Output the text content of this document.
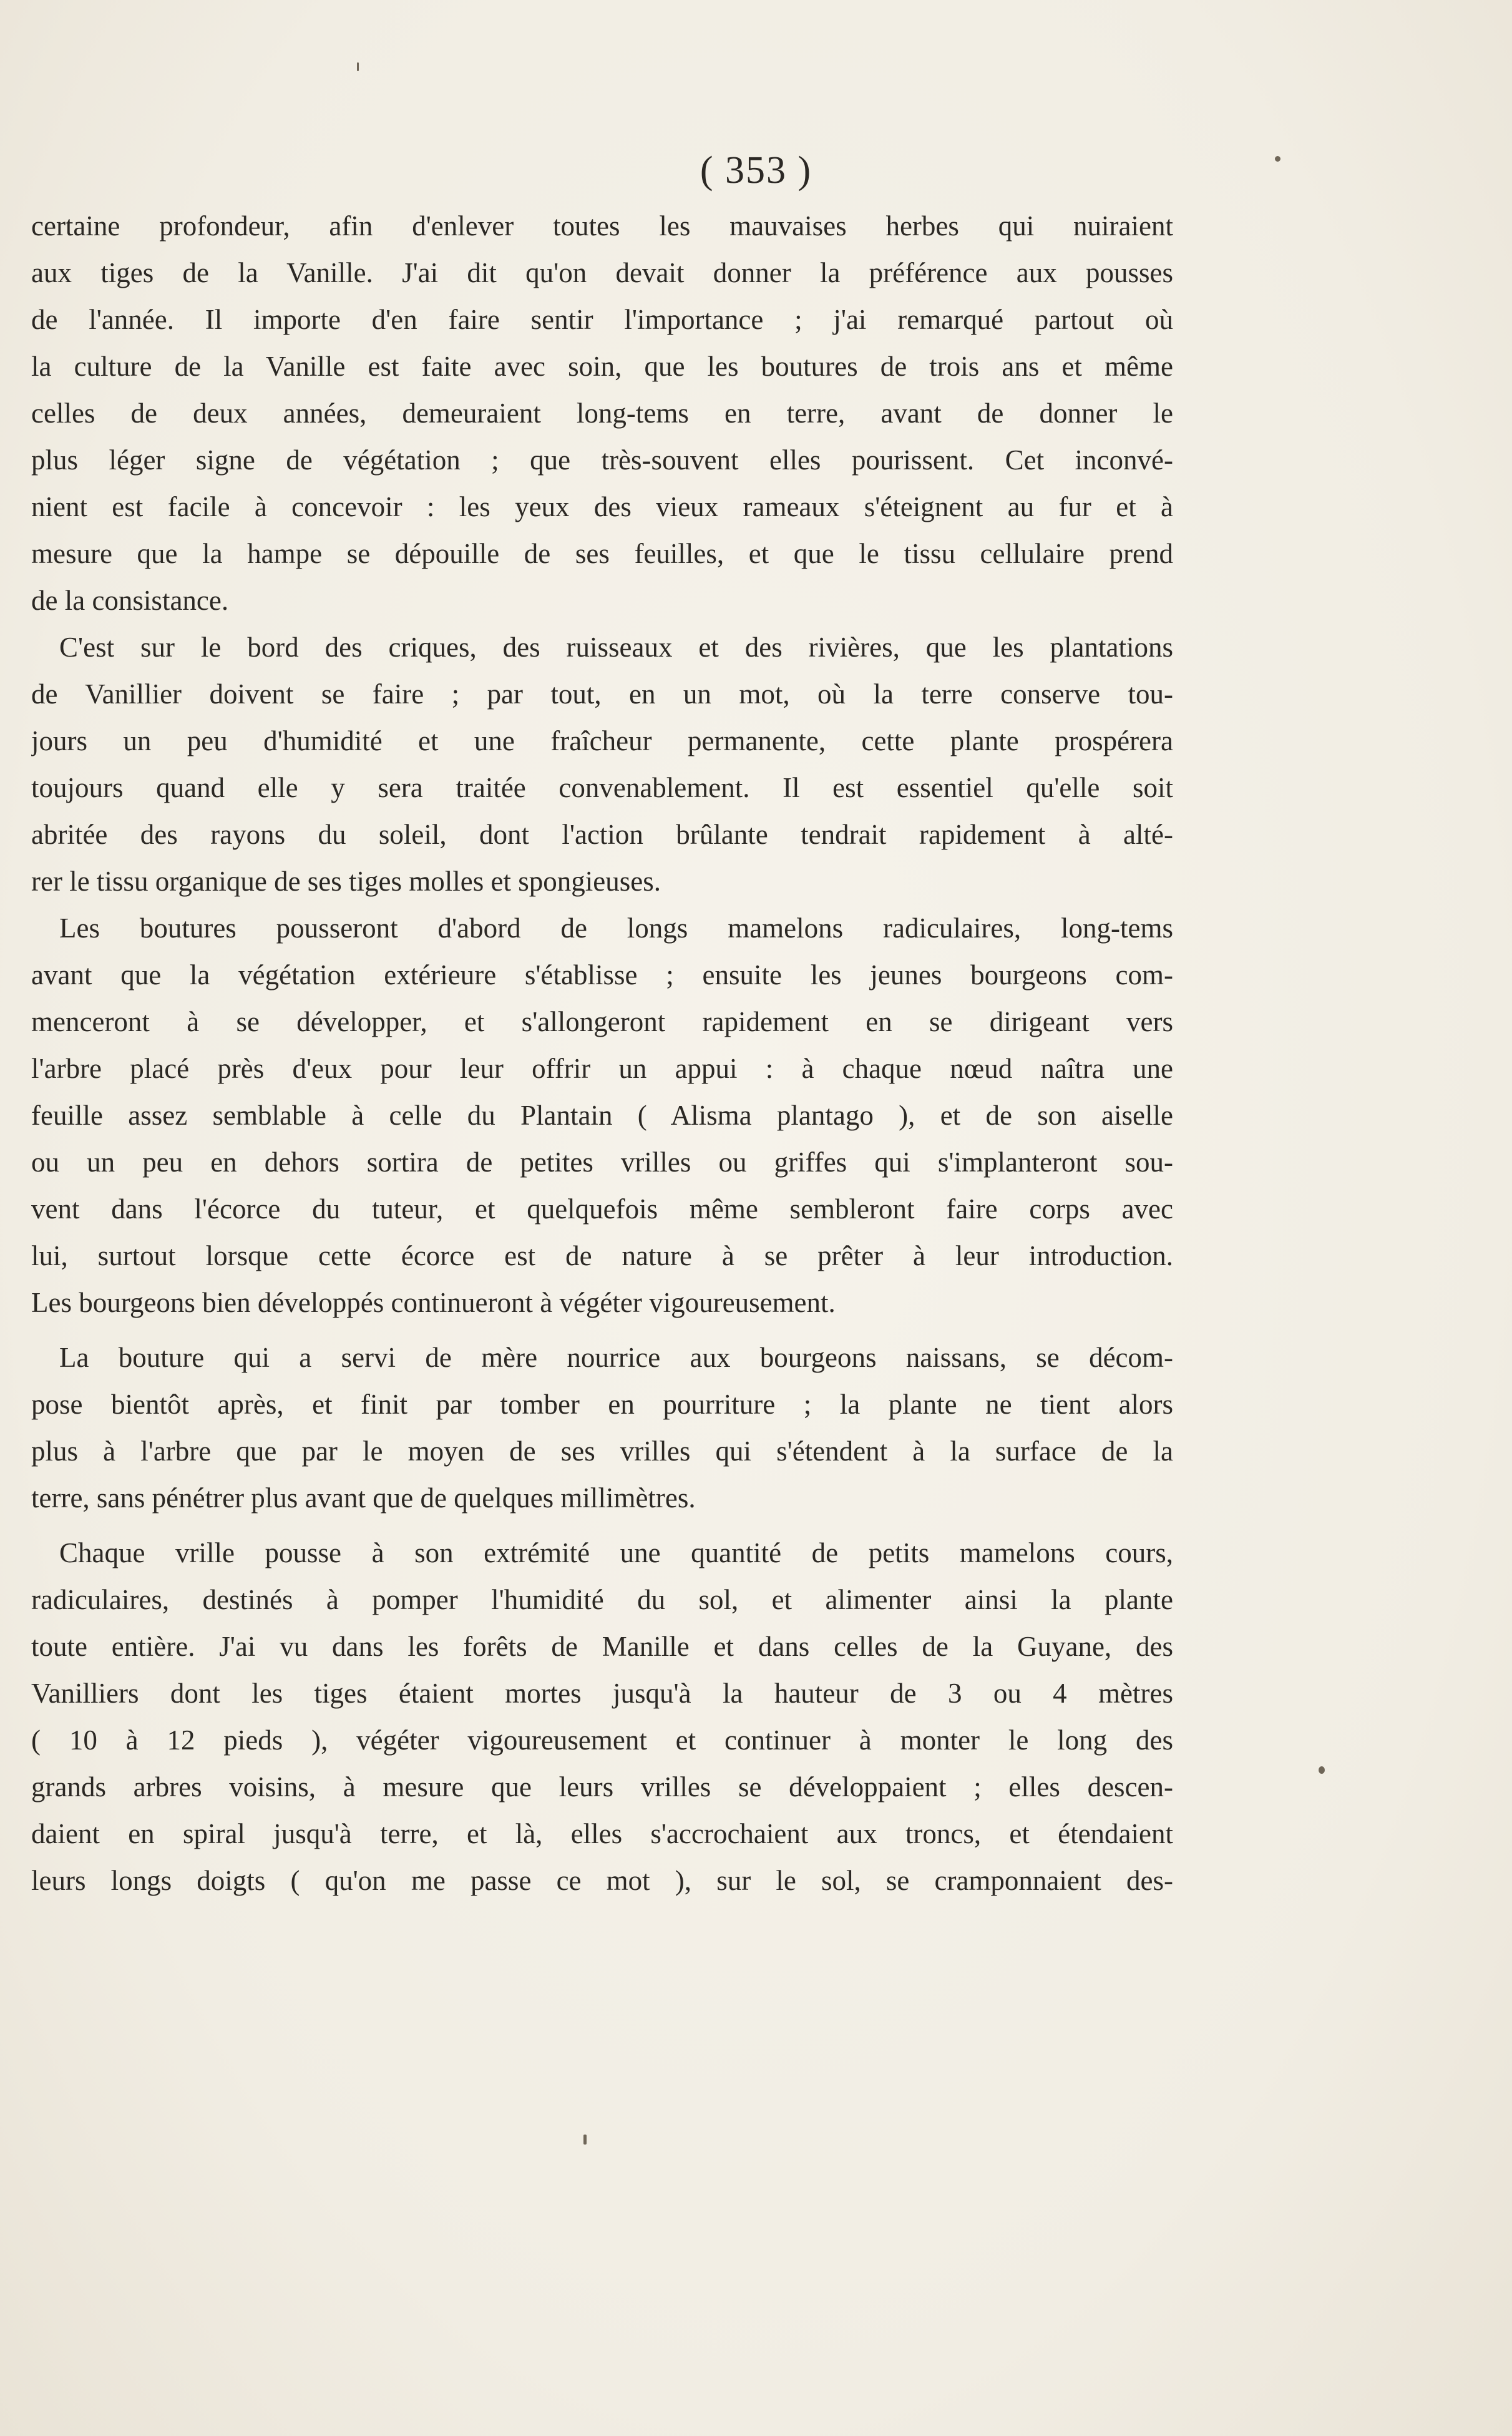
( 353 )
certaine profondeur, afin d'enlever toutes les mauvaises herbes qui nuiraient
aux tiges de la Vanille. J'ai dit qu'on devait donner la préférence aux pousses
de l'année. Il importe d'en faire sentir l'importance ; j'ai remarqué partout où
la culture de la Vanille est faite avec soin, que les boutures de trois ans et même
celles de deux années, demeuraient long-tems en terre, avant de donner le
plus léger signe de végétation ; que très-souvent elles pourissent. Cet inconvé-
nient est facile à concevoir : les yeux des vieux rameaux s'éteignent au fur et à
mesure que la hampe se dépouille de ses feuilles, et que le tissu cellulaire prend
de la consistance.
C'est sur le bord des criques, des ruisseaux et des rivières, que les plantations
de Vanillier doivent se faire ; par tout, en un mot, où la terre conserve tou-
jours un peu d'humidité et une fraîcheur permanente, cette plante prospérera
toujours quand elle y sera traitée convenablement. Il est essentiel qu'elle soit
abritée des rayons du soleil, dont l'action brûlante tendrait rapidement à alté-
rer le tissu organique de ses tiges molles et spongieuses.
Les boutures pousseront d'abord de longs mamelons radiculaires, long-tems
avant que la végétation extérieure s'établisse ; ensuite les jeunes bourgeons com-
menceront à se développer, et s'allongeront rapidement en se dirigeant vers
l'arbre placé près d'eux pour leur offrir un appui : à chaque nœud naîtra une
feuille assez semblable à celle du Plantain ( Alisma plantago ), et de son aiselle
ou un peu en dehors sortira de petites vrilles ou griffes qui s'implanteront sou-
vent dans l'écorce du tuteur, et quelquefois même sembleront faire corps avec
lui, surtout lorsque cette écorce est de nature à se prêter à leur introduction.
Les bourgeons bien développés continueront à végéter vigoureusement.
La bouture qui a servi de mère nourrice aux bourgeons naissans, se décom-
pose bientôt après, et finit par tomber en pourriture ; la plante ne tient alors
plus à l'arbre que par le moyen de ses vrilles qui s'étendent à la surface de la
terre, sans pénétrer plus avant que de quelques millimètres.
Chaque vrille pousse à son extrémité une quantité de petits mamelons cours,
radiculaires, destinés à pomper l'humidité du sol, et alimenter ainsi la plante
toute entière. J'ai vu dans les forêts de Manille et dans celles de la Guyane, des
Vanilliers dont les tiges étaient mortes jusqu'à la hauteur de 3 ou 4 mètres
( 10 à 12 pieds ), végéter vigoureusement et continuer à monter le long des
grands arbres voisins, à mesure que leurs vrilles se développaient ; elles descen-
daient en spiral jusqu'à terre, et là, elles s'accrochaient aux troncs, et étendaient
leurs longs doigts ( qu'on me passe ce mot ), sur le sol, se cramponnaient des-
